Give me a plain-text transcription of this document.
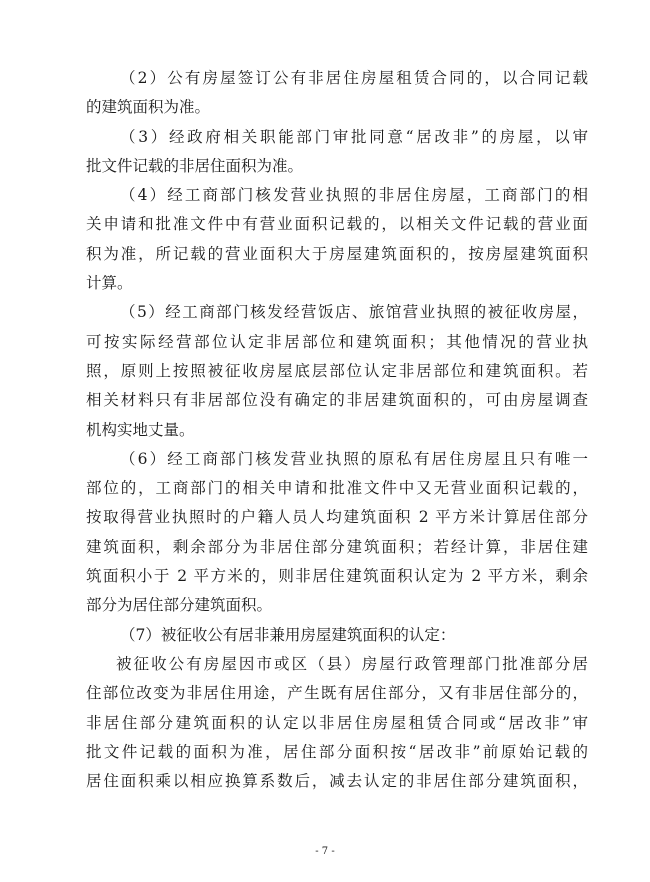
（2）公有房屋签订公有非居住房屋租赁合同的，以合同记载
的建筑面积为准。

（3）经政府相关职能部门审批同意“居改非”的房屋，以审
批文件记载的非居住面积为准。

（4）经工商部门核发营业执照的非居住房屋，工商部门的相
关申请和批准文件中有营业面积记载的，以相关文件记载的营业面
积为准，所记载的营业面积大于房屋建筑面积的，按房屋建筑面积
计算。

（5）经工商部门核发经营饭店、旅馆营业执照的被征收房屋，
可按实际经营部位认定非居部位和建筑面积；其他情况的营业执
照，原则上按照被征收房屋底层部位认定非居部位和建筑面积。若
相关材料只有非居部位没有确定的非居建筑面积的，可由房屋调查
机构实地丈量。

（6）经工商部门核发营业执照的原私有居住房屋且只有唯一
部位的，工商部门的相关申请和批准文件中又无营业面积记载的，
按取得营业执照时的户籍人员人均建筑面积 2 平方米计算居住部分
建筑面积，剩余部分为非居住部分建筑面积；若经计算，非居住建
筑面积小于 2 平方米的，则非居住建筑面积认定为 2 平方米，剩余
部分为居住部分建筑面积。

（7）被征收公有居非兼用房屋建筑面积的认定：

被征收公有房屋因市或区（县）房屋行政管理部门批准部分居
住部位改变为非居住用途，产生既有居住部分，又有非居住部分的，
非居住部分建筑面积的认定以非居住房屋租赁合同或“居改非”审
批文件记载的面积为准，居住部分面积按“居改非”前原始记载的
居住面积乘以相应换算系数后，减去认定的非居住部分建筑面积，

- 7 -
